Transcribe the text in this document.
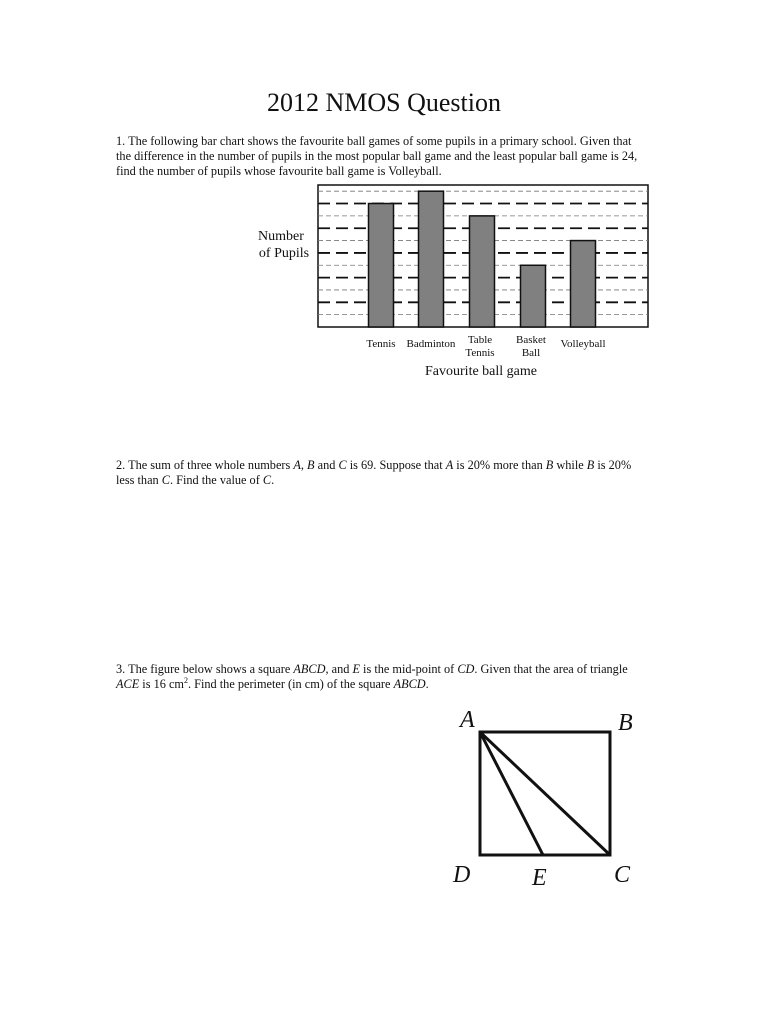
2012 NMOS Question
1. The following bar chart shows the favourite ball games of some pupils in a primary school. Given that the difference in the number of pupils in the most popular ball game and the least popular ball game is 24, find the number of pupils whose favourite ball game is Volleyball.
Tennis Badminton Table
Tennis
Basket
Ball
Volleyball
Number
of Pupils
Favourite ball game
2. The sum of three whole numbers A, B and C is 69. Suppose that A is 20% more than B while B is 20% less than C. Find the value of C.
3. The figure below shows a square ABCD, and E is the mid-point of CD. Given that the area of triangle ACE is 16 $cm^2$. Find the perimeter (in cm) of the square ABCD.
A	B
D	E	C
